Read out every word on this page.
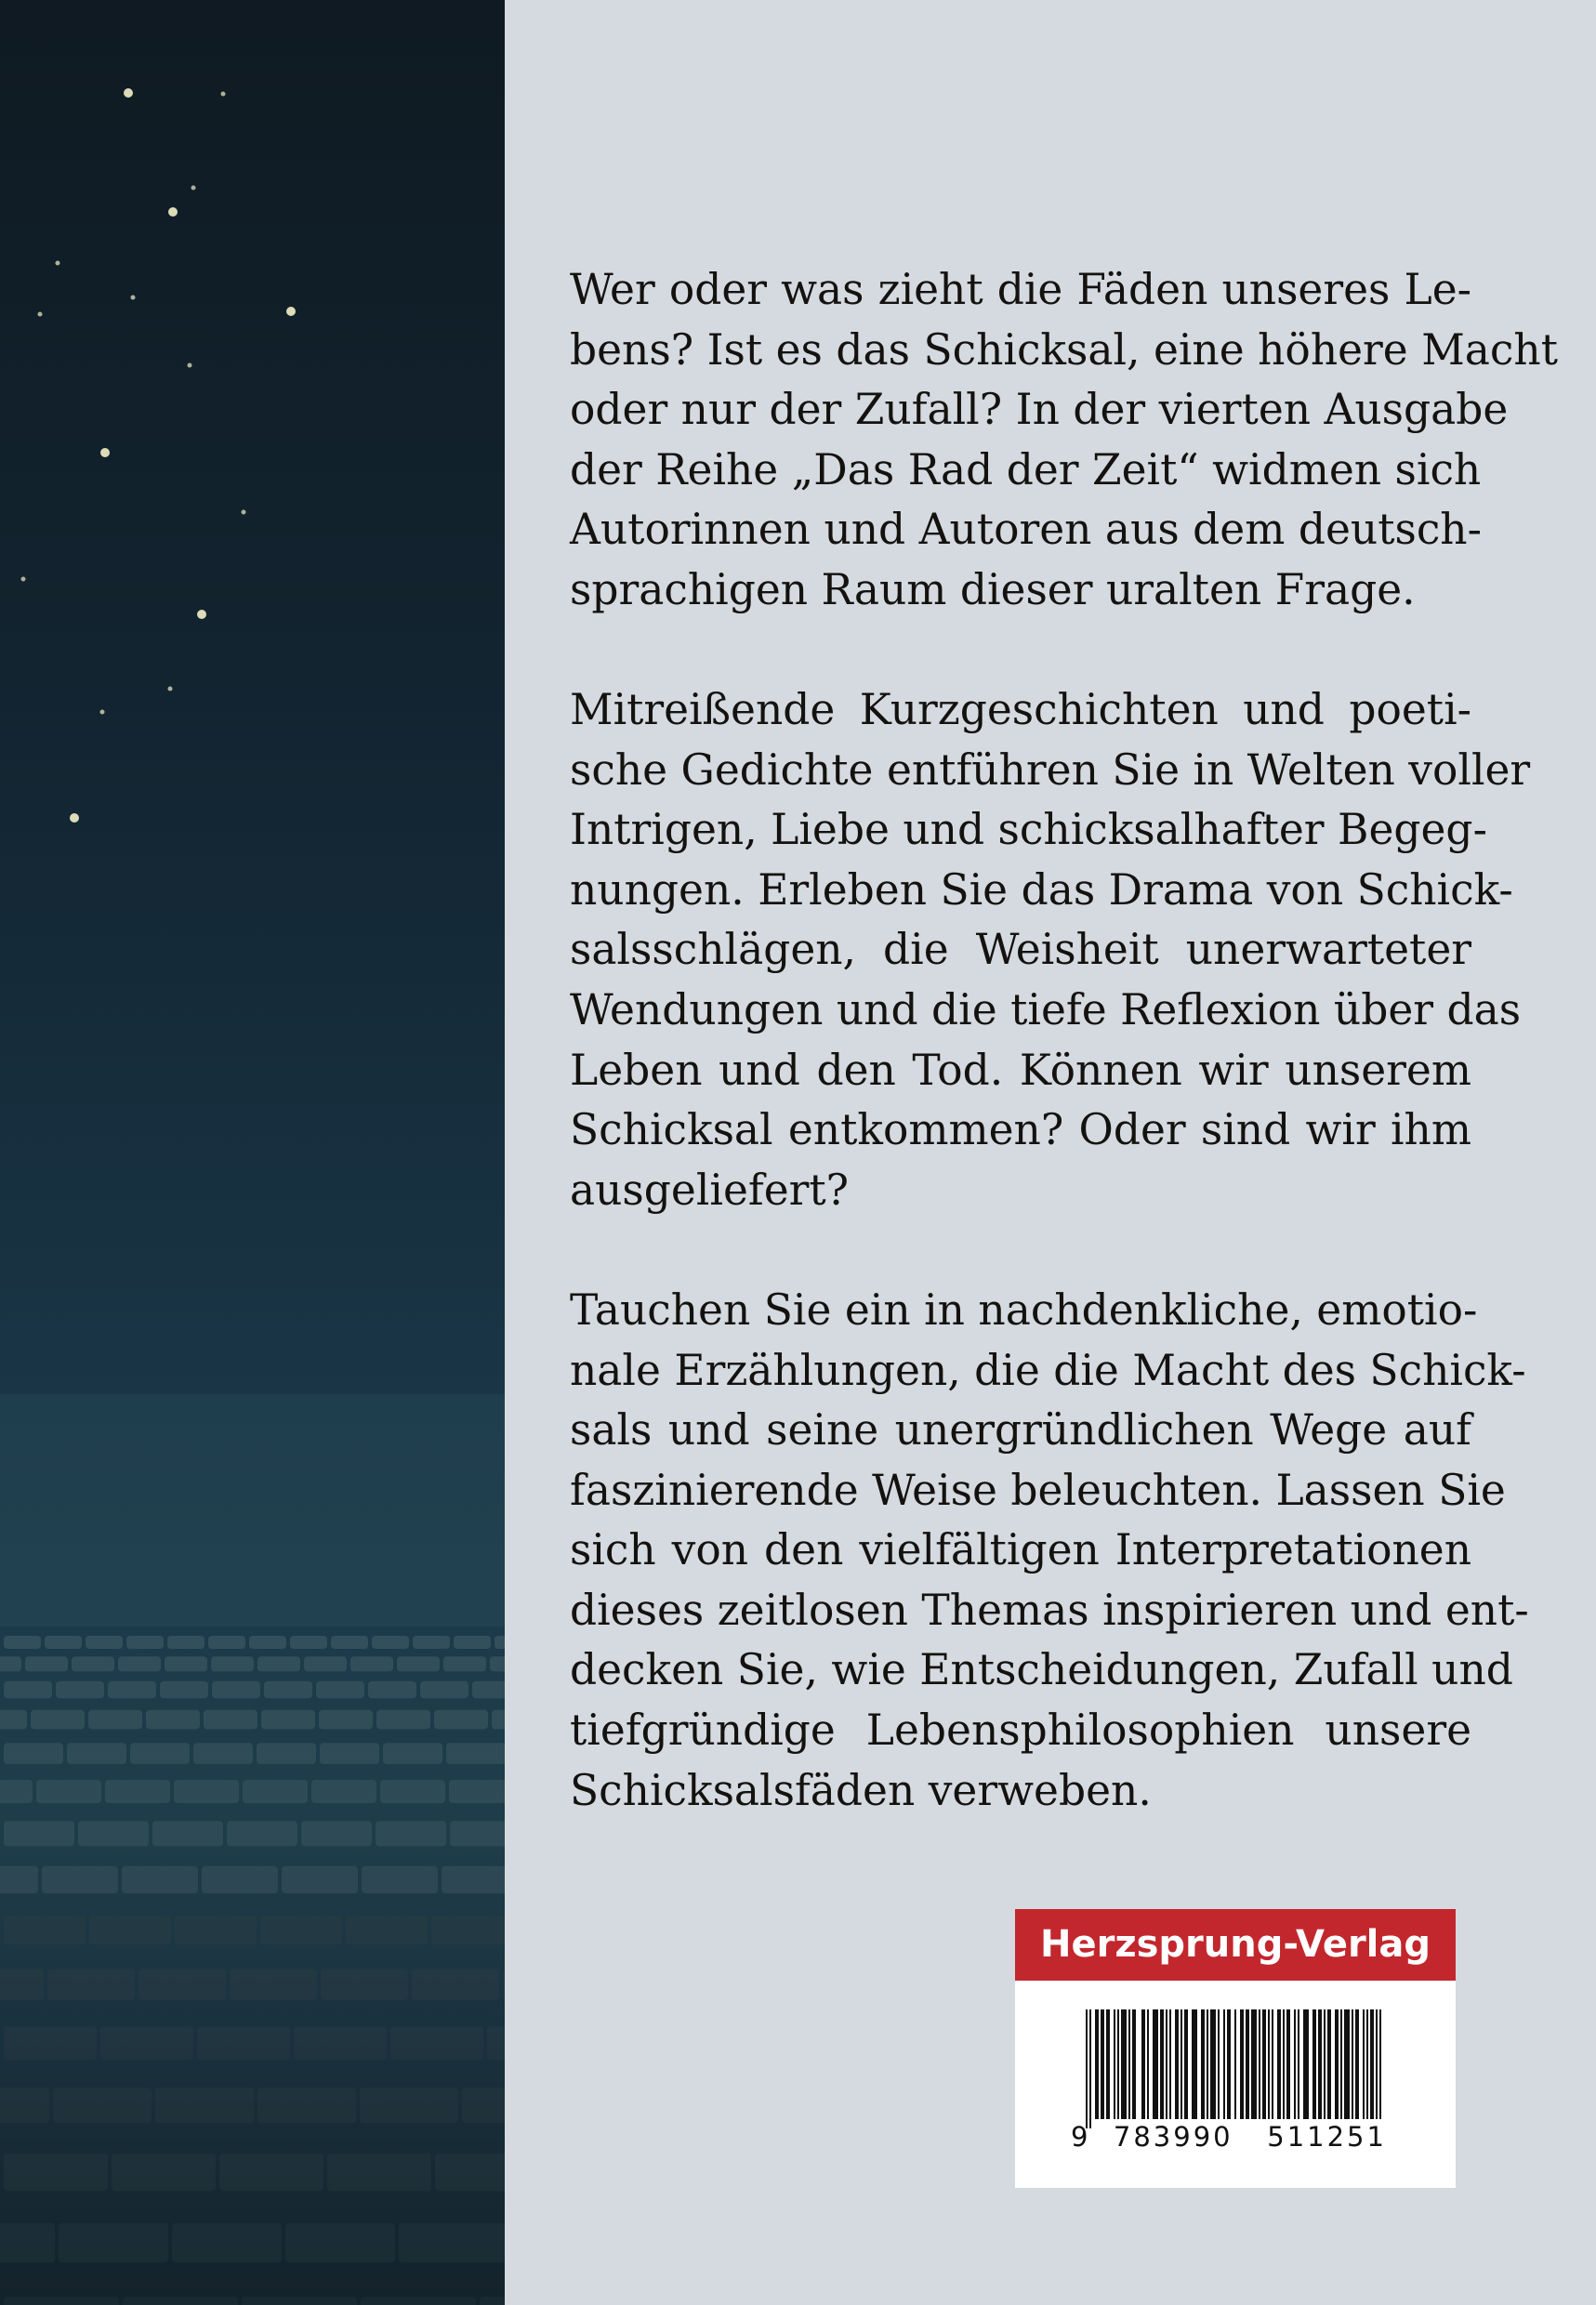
Wer oder was zieht die Fäden unseres Le-
bens? Ist es das Schicksal, eine höhere Macht
oder nur der Zufall? In der vierten Ausgabe
der Reihe „Das Rad der Zeit“ widmen sich
Autorinnen und Autoren aus dem deutsch-
sprachigen Raum dieser uralten Frage.

Mitreißende Kurzgeschichten und poeti-
sche Gedichte entführen Sie in Welten voller
Intrigen, Liebe und schicksalhafter Begeg-
nungen. Erleben Sie das Drama von Schick-
salsschlägen, die Weisheit unerwarteter
Wendungen und die tiefe Reflexion über das
Leben und den Tod. Können wir unserem
Schicksal entkommen? Oder sind wir ihm
ausgeliefert?

Tauchen Sie ein in nachdenkliche, emotio-
nale Erzählungen, die die Macht des Schick-
sals und seine unergründlichen Wege auf
faszinierende Weise beleuchten. Lassen Sie
sich von den vielfältigen Interpretationen
dieses zeitlosen Themas inspirieren und ent-
decken Sie, wie Entscheidungen, Zufall und
tiefgründige Lebensphilosophien unsere
Schicksalsfäden verweben.

Herzsprung-Verlag
9  783990   511251
